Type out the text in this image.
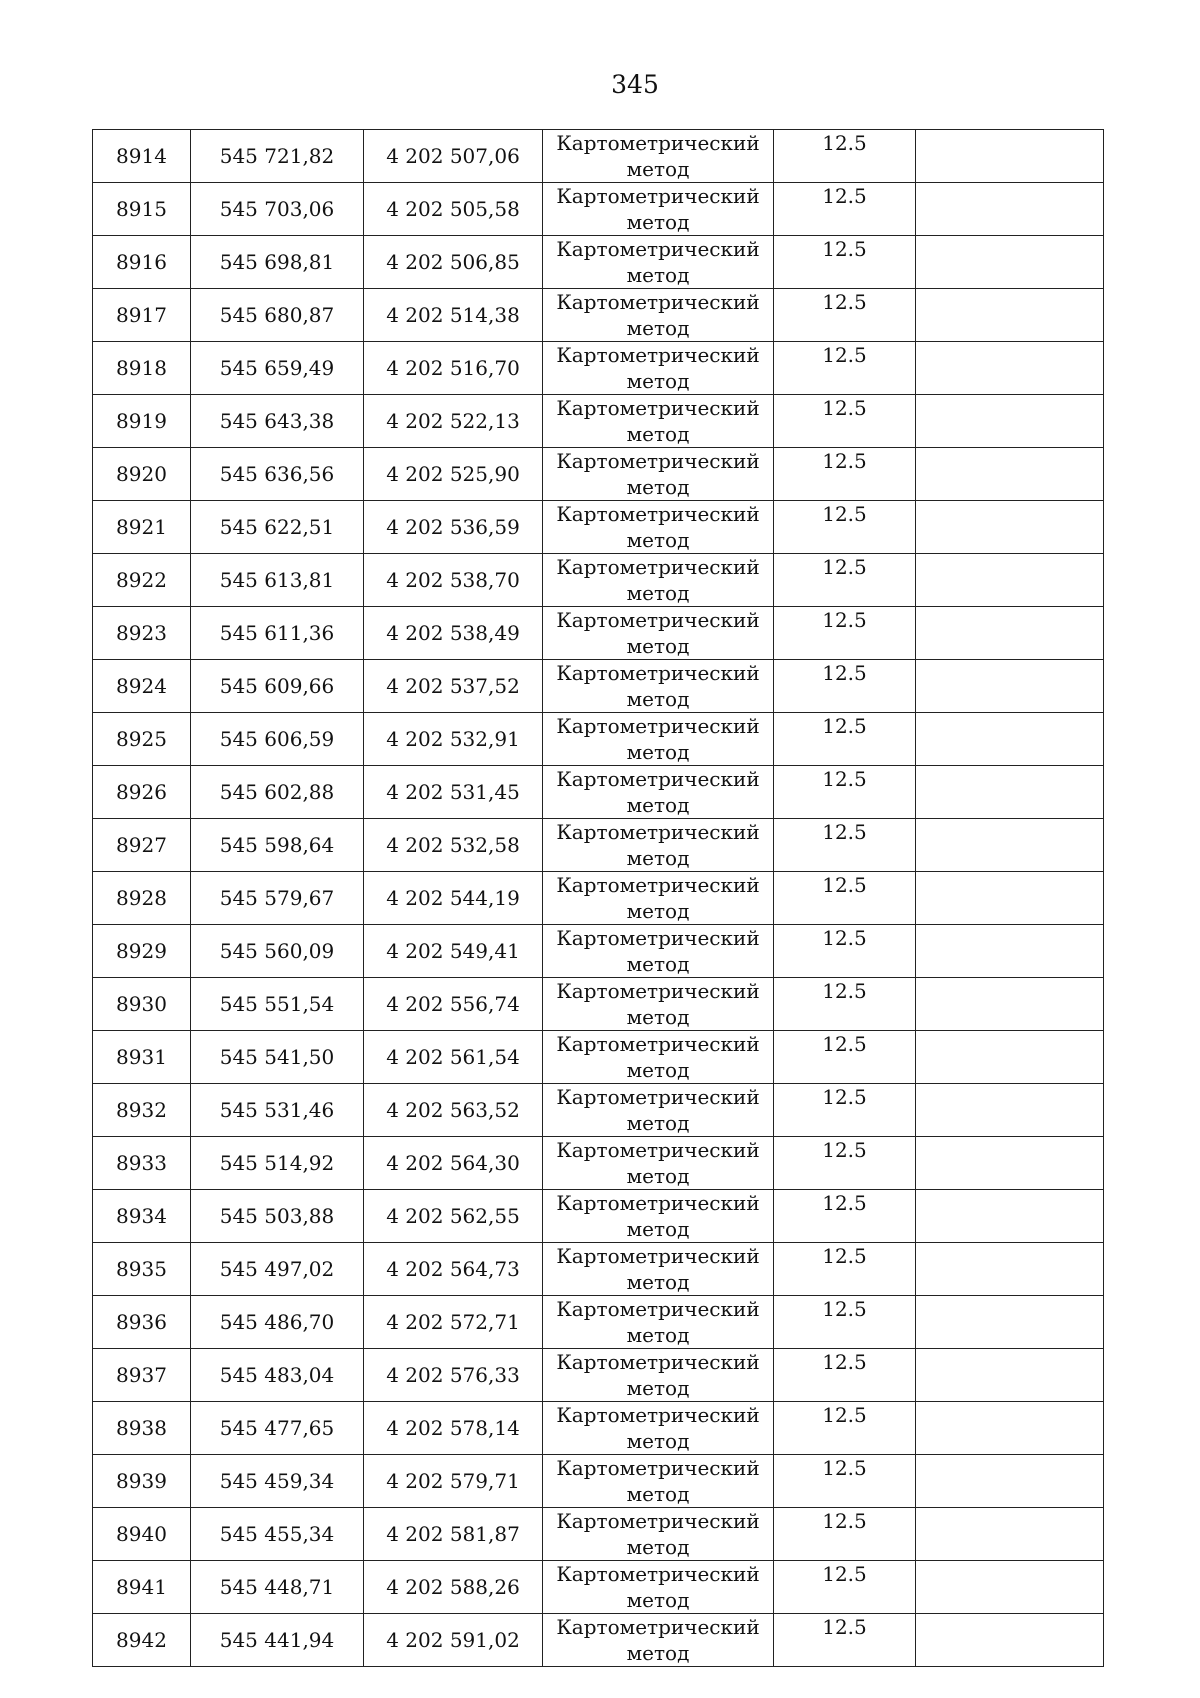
345
8914	545 721,82	4 202 507,06	Картометрический
метод	12.5	
8915	545 703,06	4 202 505,58	Картометрический
метод	12.5	
8916	545 698,81	4 202 506,85	Картометрический
метод	12.5	
8917	545 680,87	4 202 514,38	Картометрический
метод	12.5	
8918	545 659,49	4 202 516,70	Картометрический
метод	12.5	
8919	545 643,38	4 202 522,13	Картометрический
метод	12.5	
8920	545 636,56	4 202 525,90	Картометрический
метод	12.5	
8921	545 622,51	4 202 536,59	Картометрический
метод	12.5	
8922	545 613,81	4 202 538,70	Картометрический
метод	12.5	
8923	545 611,36	4 202 538,49	Картометрический
метод	12.5	
8924	545 609,66	4 202 537,52	Картометрический
метод	12.5	
8925	545 606,59	4 202 532,91	Картометрический
метод	12.5	
8926	545 602,88	4 202 531,45	Картометрический
метод	12.5	
8927	545 598,64	4 202 532,58	Картометрический
метод	12.5	
8928	545 579,67	4 202 544,19	Картометрический
метод	12.5	
8929	545 560,09	4 202 549,41	Картометрический
метод	12.5	
8930	545 551,54	4 202 556,74	Картометрический
метод	12.5	
8931	545 541,50	4 202 561,54	Картометрический
метод	12.5	
8932	545 531,46	4 202 563,52	Картометрический
метод	12.5	
8933	545 514,92	4 202 564,30	Картометрический
метод	12.5	
8934	545 503,88	4 202 562,55	Картометрический
метод	12.5	
8935	545 497,02	4 202 564,73	Картометрический
метод	12.5	
8936	545 486,70	4 202 572,71	Картометрический
метод	12.5	
8937	545 483,04	4 202 576,33	Картометрический
метод	12.5	
8938	545 477,65	4 202 578,14	Картометрический
метод	12.5	
8939	545 459,34	4 202 579,71	Картометрический
метод	12.5	
8940	545 455,34	4 202 581,87	Картометрический
метод	12.5	
8941	545 448,71	4 202 588,26	Картометрический
метод	12.5	
8942	545 441,94	4 202 591,02	Картометрический
метод	12.5	
